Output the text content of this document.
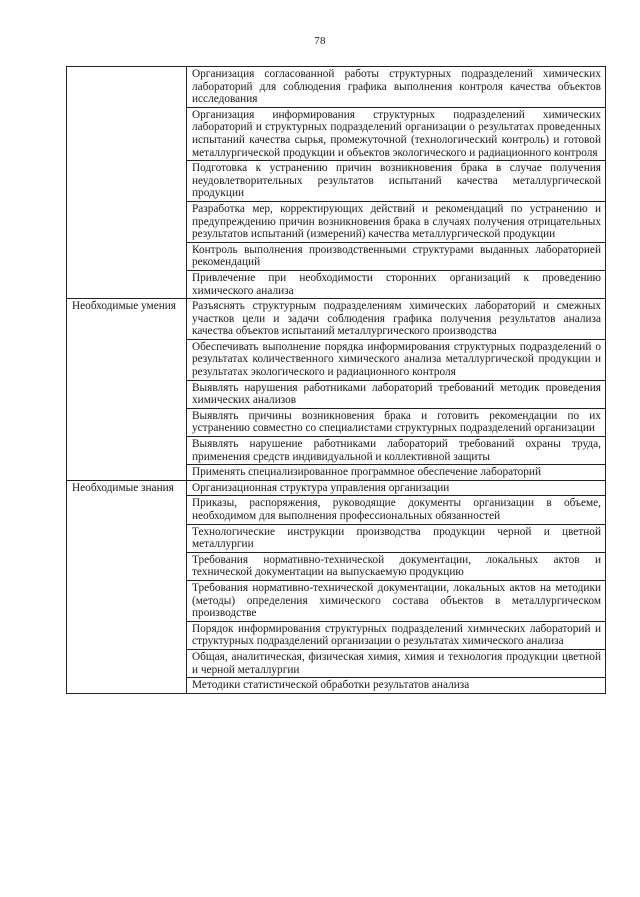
78
	Организация согласованной работы структурных подразделений химических лабораторий для соблюдения графика выполнения контроля качества объектов исследования
	Организация информирования структурных подразделений химических лабораторий и структурных подразделений организации о результатах проведенных испытаний качества сырья, промежуточной (технологический контроль) и готовой металлургической продукции и объектов экологического и радиационного контроля
	Подготовка к устранению причин возникновения брака в случае получения неудовлетворительных результатов испытаний качества металлургической продукции
	Разработка мер, корректирующих действий и рекомендаций по устранению и предупреждению причин возникновения брака в случаях получения отрицательных результатов испытаний (измерений) качества металлургической продукции
	Контроль выполнения производственными структурами выданных лабораторией рекомендаций
	Привлечение при необходимости сторонних организаций к проведению химического анализа
Необходимые умения	Разъяснять структурным подразделениям химических лабораторий и смежных участков цели и задачи соблюдения графика получения результатов анализа качества объектов испытаний металлургического производства
	Обеспечивать выполнение порядка информирования структурных подразделений о результатах количественного химического анализа металлургической продукции и результатах экологического и радиационного контроля
	Выявлять нарушения работниками лабораторий требований методик проведения химических анализов
	Выявлять причины возникновения брака и готовить рекомендации по их устранению совместно со специалистами структурных подразделений организации
	Выявлять нарушение работниками лабораторий требований охраны труда, применения средств индивидуальной и коллективной защиты
	Применять специализированное программное обеспечение лабораторий
Необходимые знания	Организационная структура управления организации
	Приказы, распоряжения, руководящие документы организации в объеме, необходимом для выполнения профессиональных обязанностей
	Технологические инструкции производства продукции черной и цветной металлургии
	Требования нормативно-технической документации, локальных актов и технической документации на выпускаемую продукцию
	Требования нормативно-технической документации, локальных актов на методики (методы) определения химического состава объектов в металлургическом производстве
	Порядок информирования структурных подразделений химических лабораторий и структурных подразделений организации о результатах химического анализа
	Общая, аналитическая, физическая химия, химия и технология продукции цветной и черной металлургии
	Методики статистической обработки результатов анализа
